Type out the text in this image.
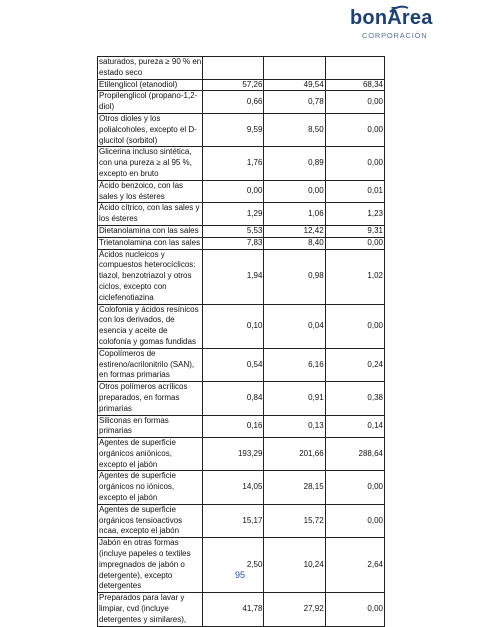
bonĀrea
CORPORACIÓN
saturados, pureza ≥ 90 % en estado seco			
Etilenglicol (etanodiol)	57,26	49,54	68,34
Propilenglicol (propano-1,2-diol)	0,66	0,78	0,00
Otros dioles y los polialcoholes, excepto el D-glucitol (sorbitol)	9,59	8,50	0,00
Glicerina incluso sintética, con una pureza ≥ al 95 %, excepto en bruto	1,76	0,89	0,00
Ácido benzoico, con las sales y los ésteres	0,00	0,00	0,01
Ácido cítrico, con las sales y los ésteres	1,29	1,06	1,23
Dietanolamina con las sales	5,53	12,42	9,31
Trietanolamina con las sales	7,83	8,40	0,00
Ácidos nucleicos y compuestos heterocíclicos: tiazol, benzotriazol y otros ciclos, excepto con ciclefenotiazina	1,94	0,98	1,02
Colofonia y ácidos resínicos con los derivados, de esencia y aceite de colofonia y gomas fundidas	0,10	0,04	0,00
Copolímeros de estireno/acrilonitrilo (SAN), en formas primarias	0,54	6,16	0,24
Otros polímeros acrílicos preparados, en formas primarias	0,84	0,91	0,38
Siliconas en formas primarias	0,16	0,13	0,14
Agentes de superficie orgánicos aniónicos, excepto el jabón	193,29	201,66	288,64
Agentes de superficie orgánicos no iónicos, excepto el jabón	14,05	28,15	0,00
Agentes de superficie orgánicos tensioactivos ncaa, excepto el jabón	15,17	15,72	0,00
Jabón en otras formas (incluye papeles o textiles impregnados de jabón o detergente), excepto detergentes	2,50	10,24	2,64
Preparados para lavar y limpiar, cvd (incluye detergentes y similares),	41,78	27,92	0,00
95
